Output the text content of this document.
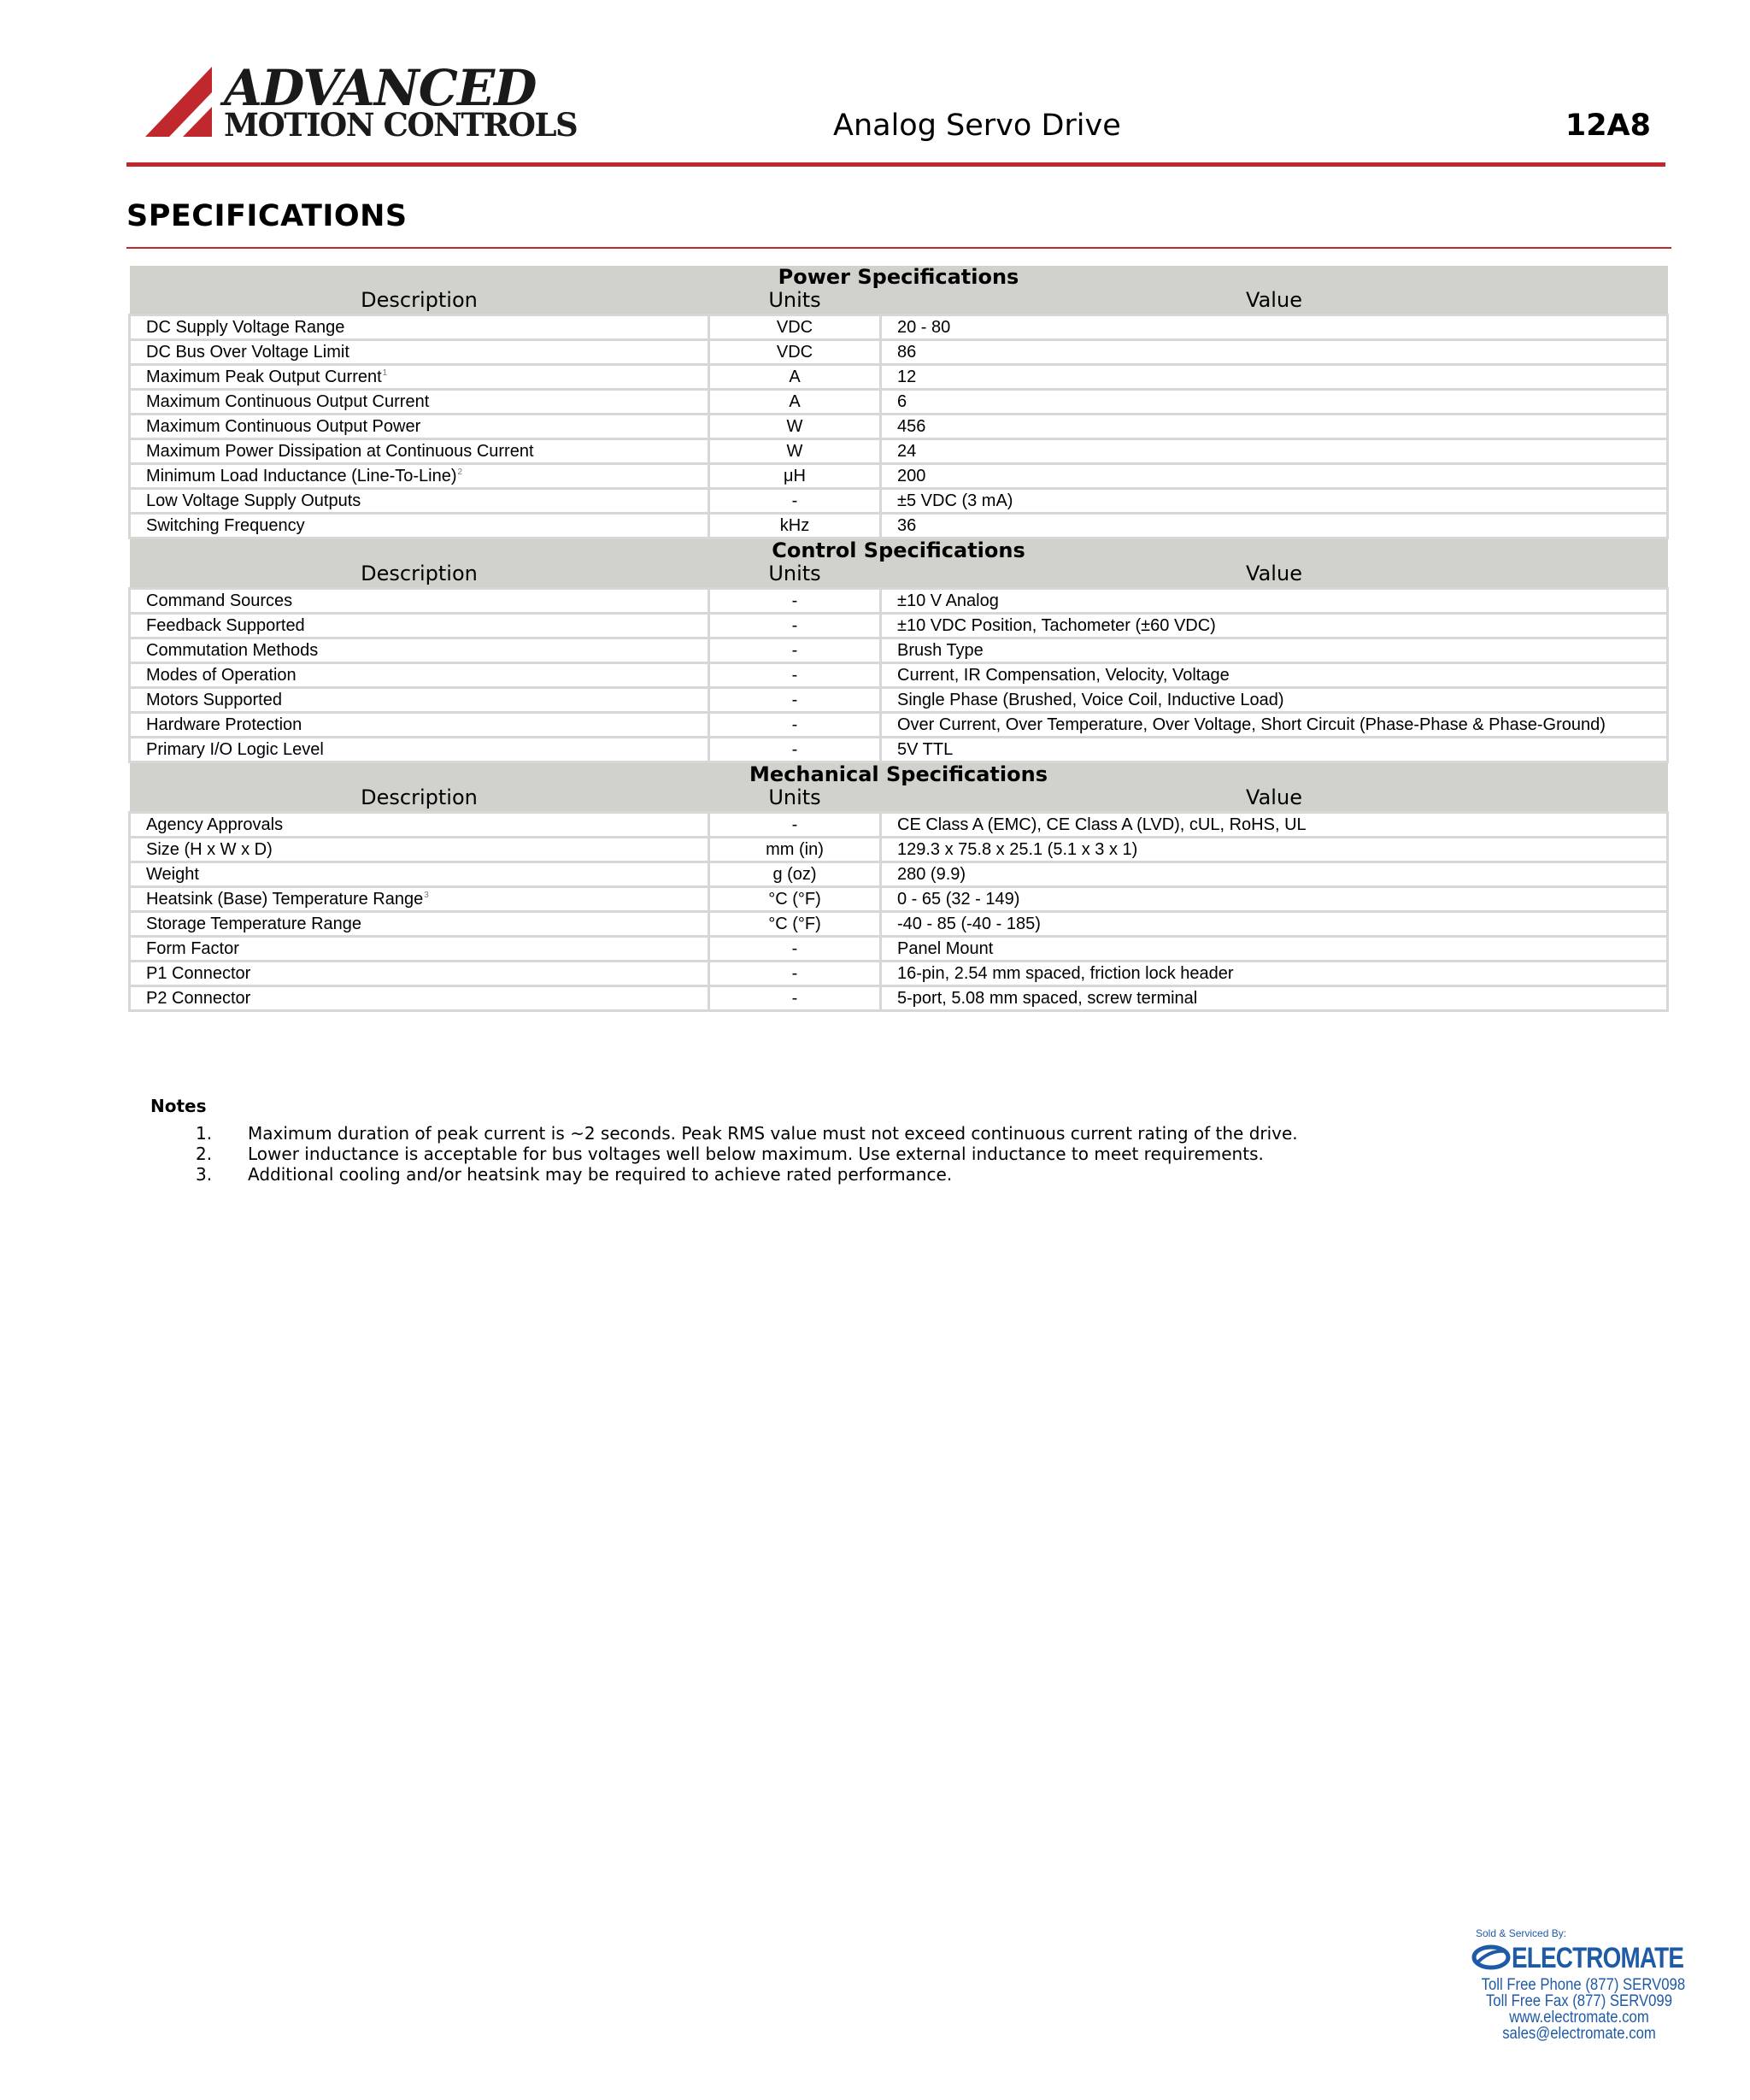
ADVANCED
MOTION CONTROLS	Analog Servo Drive	12A8
SPECIFICATIONS
Power Specifications		
Description	Units	Value
DC Supply Voltage Range	VDC	20 - 80
DC Bus Over Voltage Limit	VDC	86
Maximum Peak Output Current$^1$	A	12
Maximum Continuous Output Current	A	6
Maximum Continuous Output Power	W	456
Maximum Power Dissipation at Continuous Current	W	24
Minimum Load Inductance (Line-To-Line)$^2$	μH	200
Low Voltage Supply Outputs	-	±5 VDC (3 mA)
Switching Frequency	kHz	36
Control Specifications		
Description	Units	Value
Command Sources	-	±10 V Analog
Feedback Supported	-	±10 VDC Position, Tachometer (±60 VDC)
Commutation Methods	-	Brush Type
Modes of Operation	-	Current, IR Compensation, Velocity, Voltage
Motors Supported	-	Single Phase (Brushed, Voice Coil, Inductive Load)
Hardware Protection	-	Over Current, Over Temperature, Over Voltage, Short Circuit (Phase-Phase & Phase-Ground)
Primary I/O Logic Level	-	5V TTL
Mechanical Specifications		
Description	Units	Value
Agency Approvals	-	CE Class A (EMC), CE Class A (LVD), cUL, RoHS, UL
Size (H x W x D)	mm (in)	129.3 x 75.8 x 25.1 (5.1 x 3 x 1)
Weight	g (oz)	280 (9.9)
Heatsink (Base) Temperature Range$^3$	°C (°F)	0 - 65 (32 - 149)
Storage Temperature Range	°C (°F)	-40 - 85 (-40 - 185)
Form Factor	-	Panel Mount
P1 Connector	-	16-pin, 2.54 mm spaced, friction lock header
P2 Connector	-	5-port, 5.08 mm spaced, screw terminal
Notes
1. Maximum duration of peak current is ~2 seconds. Peak RMS value must not exceed continuous current rating of the drive.
2. Lower inductance is acceptable for bus voltages well below maximum. Use external inductance to meet requirements.
3. Additional cooling and/or heatsink may be required to achieve rated performance.
Sold & Serviced By:
ELECTROMATE
Toll Free Phone (877) SERV098
Toll Free Fax (877) SERV099
www.electromate.com
sales@electromate.com
